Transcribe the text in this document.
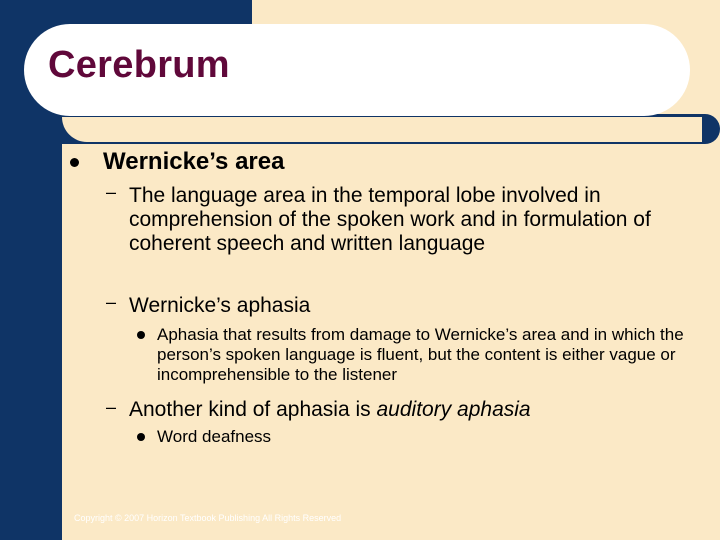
Cerebrum
Wernicke’s area
– The language area in the temporal lobe involved in comprehension of the spoken work and in formulation of coherent speech and written language
– Wernicke’s aphasia
Aphasia that results from damage to Wernicke’s area and in which the person’s spoken language is fluent, but the content is either vague or incomprehensible to the listener
– Another kind of aphasia is auditory aphasia
Word deafness
Copyright © 2007 Horizon Textbook Publishing All Rights Reserved
